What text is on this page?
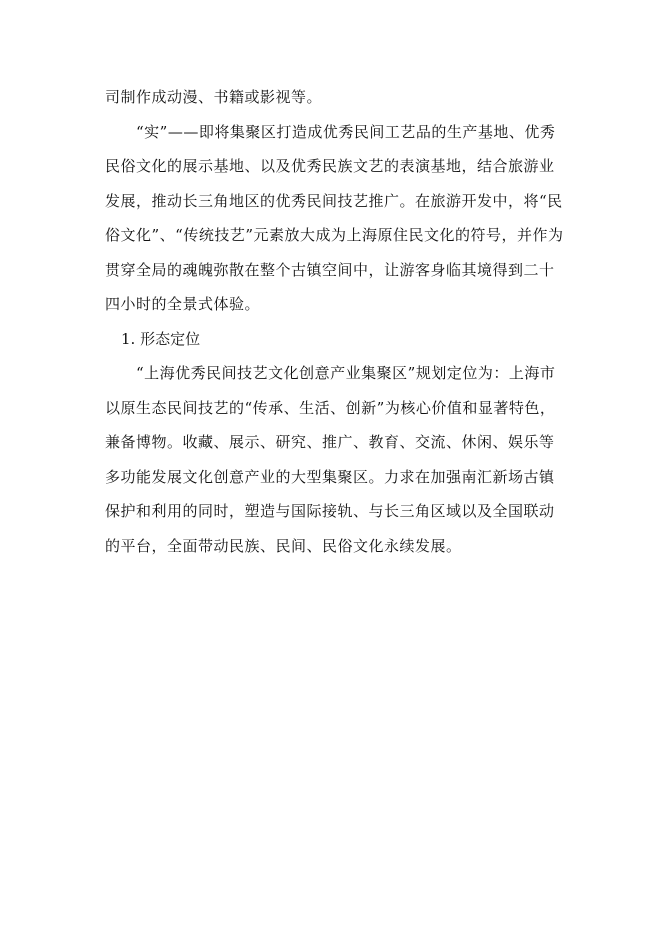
司制作成动漫、书籍或影视等。

“实”——即将集聚区打造成优秀民间工艺品的生产基地、优秀民俗文化的展示基地、以及优秀民族文艺的表演基地，结合旅游业发展，推动长三角地区的优秀民间技艺推广。在旅游开发中，将“民俗文化”、“传统技艺”元素放大成为上海原住民文化的符号，并作为贯穿全局的魂魄弥散在整个古镇空间中，让游客身临其境得到二十四小时的全景式体验。

1. 形态定位

“上海优秀民间技艺文化创意产业集聚区”规划定位为：上海市以原生态民间技艺的“传承、生活、创新”为核心价值和显著特色，兼备博物。收藏、展示、研究、推广、教育、交流、休闲、娱乐等多功能发展文化创意产业的大型集聚区。力求在加强南汇新场古镇保护和利用的同时，塑造与国际接轨、与长三角区域以及全国联动的平台，全面带动民族、民间、民俗文化永续发展。
